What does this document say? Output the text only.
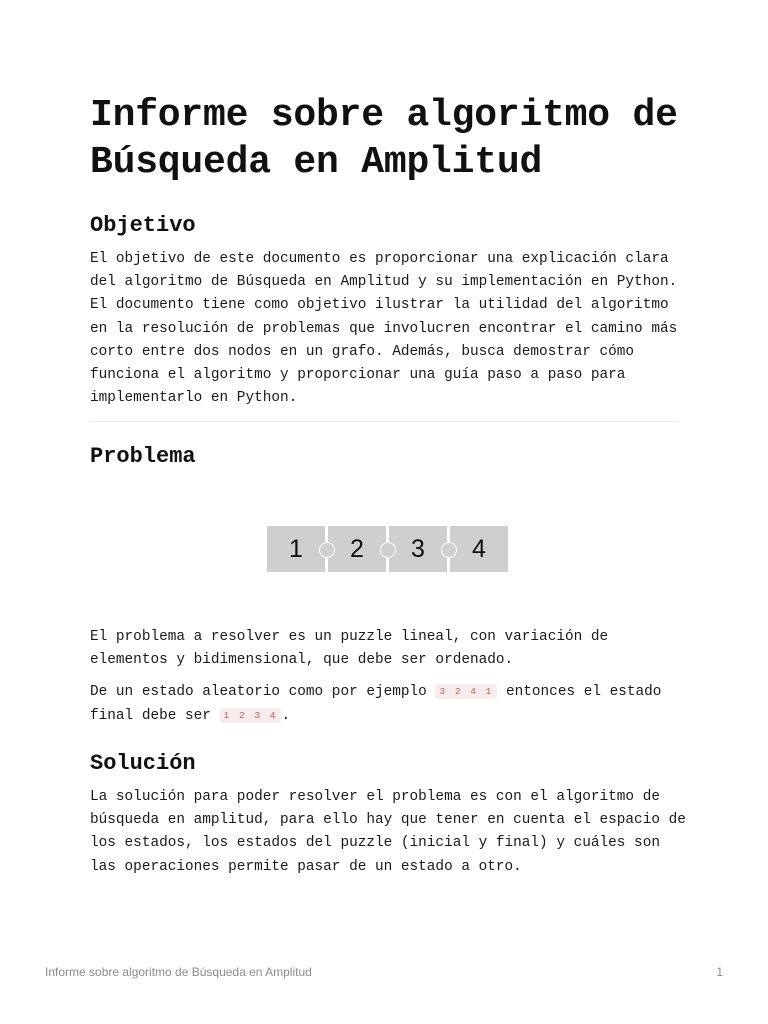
Informe sobre algoritmo de Búsqueda en Amplitud
Objetivo

El objetivo de este documento es proporcionar una explicación clara del algoritmo de Búsqueda en Amplitud y su implementación en Python. El documento tiene como objetivo ilustrar la utilidad del algoritmo en la resolución de problemas que involucren encontrar el camino más corto entre dos nodos en un grafo. Además, busca demostrar cómo funciona el algoritmo y proporcionar una guía paso a paso para implementarlo en Python.

Problema
1 2 3 4

El problema a resolver es un puzzle lineal, con variación de elementos y bidimensional, que debe ser ordenado.

De un estado aleatorio como por ejemplo 3 2 4 1 entonces el estado final debe ser 1 2 3 4 .

Solución

La solución para poder resolver el problema es con el algoritmo de búsqueda en amplitud, para ello hay que tener en cuenta el espacio de los estados, los estados del puzzle (inicial y final) y cuáles son las operaciones permite pasar de un estado a otro.

Informe sobre algoritmo de Búsqueda en Amplitud	1
